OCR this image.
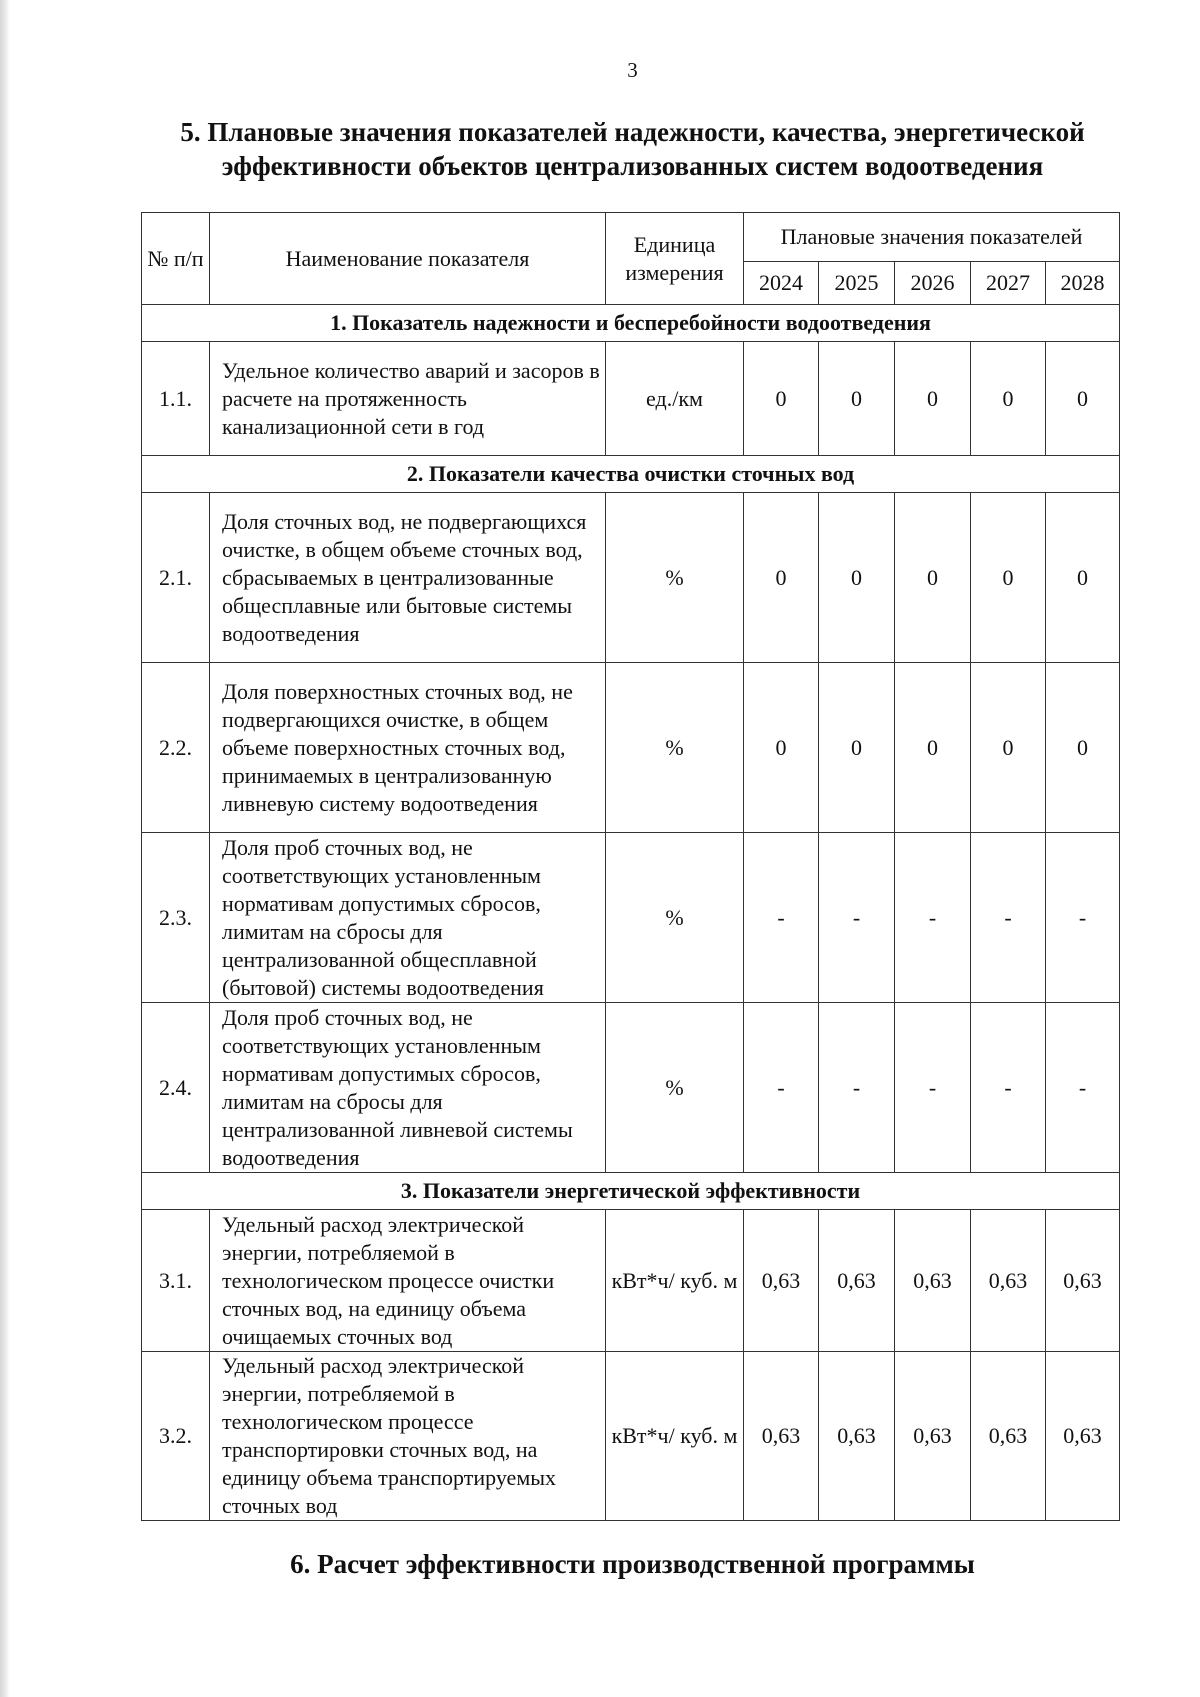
3
5. Плановые значения показателей надежности, качества, энергетической
эффективности объектов централизованных систем водоотведения
№ п/п	Наименование показателя	Единица измерения	Плановые значения показателей				
			2024	2025	2026	2027	2028
1. Показатель надежности и бесперебойности водоотведения							
1.1.	Удельное количество аварий и засоров в расчете на протяженность канализационной сети в год	ед./км	0	0	0	0	0
2. Показатели качества очистки сточных вод							
2.1.	Доля сточных вод, не подвергающихся очистке, в общем объеме сточных вод, сбрасываемых в централизованные общесплавные или бытовые системы водоотведения	%	0	0	0	0	0
2.2.	Доля поверхностных сточных вод, не подвергающихся очистке, в общем объеме поверхностных сточных вод, принимаемых в централизованную ливневую систему водоотведения	%	0	0	0	0	0
2.3.	Доля проб сточных вод, не соответствующих установленным нормативам допустимых сбросов, лимитам на сбросы для централизованной общесплавной (бытовой) системы водоотведения	%	-	-	-	-	-
2.4.	Доля проб сточных вод, не соответствующих установленным нормативам допустимых сбросов, лимитам на сбросы для централизованной ливневой системы водоотведения	%	-	-	-	-	-
3. Показатели энергетической эффективности							
3.1.	Удельный расход электрической энергии, потребляемой в технологическом процессе очистки сточных вод, на единицу объема очищаемых сточных вод	кВт*ч/ куб. м	0,63	0,63	0,63	0,63	0,63
3.2.	Удельный расход электрической энергии, потребляемой в технологическом процессе транспортировки сточных вод, на единицу объема транспортируемых сточных вод	кВт*ч/ куб. м	0,63	0,63	0,63	0,63	0,63
6. Расчет эффективности производственной программы
